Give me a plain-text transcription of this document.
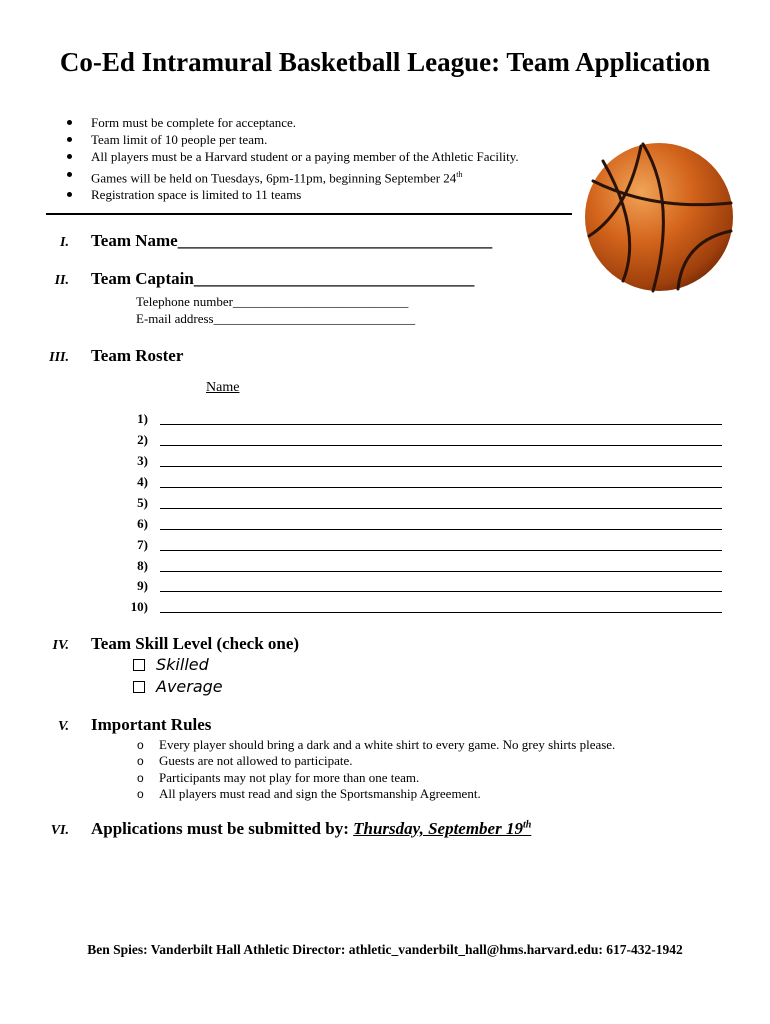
Co-Ed Intramural Basketball League: Team Application
Form must be complete for acceptance.
Team limit of 10 people per team.
All players must be a Harvard student or a paying member of the Athletic Facility.
Games will be held on Tuesdays, 6pm-11pm, beginning September 24th
Registration space is limited to 11 teams
I. Team Name_____________________________________
II. Team Captain_________________________________
Telephone number___________________________
E-mail address_______________________________
III. Team Roster
Name
1)
2)
3)
4)
5)
6)
7)
8)
9)
10)
IV. Team Skill Level (check one)
Skilled
Average
V. Important Rules
o Every player should bring a dark and a white shirt to every game. No grey shirts please.
o Guests are not allowed to participate.
o Participants may not play for more than one team.
o All players must read and sign the Sportsmanship Agreement.
VI. Applications must be submitted by: Thursday, September 19th
Ben Spies: Vanderbilt Hall Athletic Director: athletic_vanderbilt_hall@hms.harvard.edu: 617-432-1942
